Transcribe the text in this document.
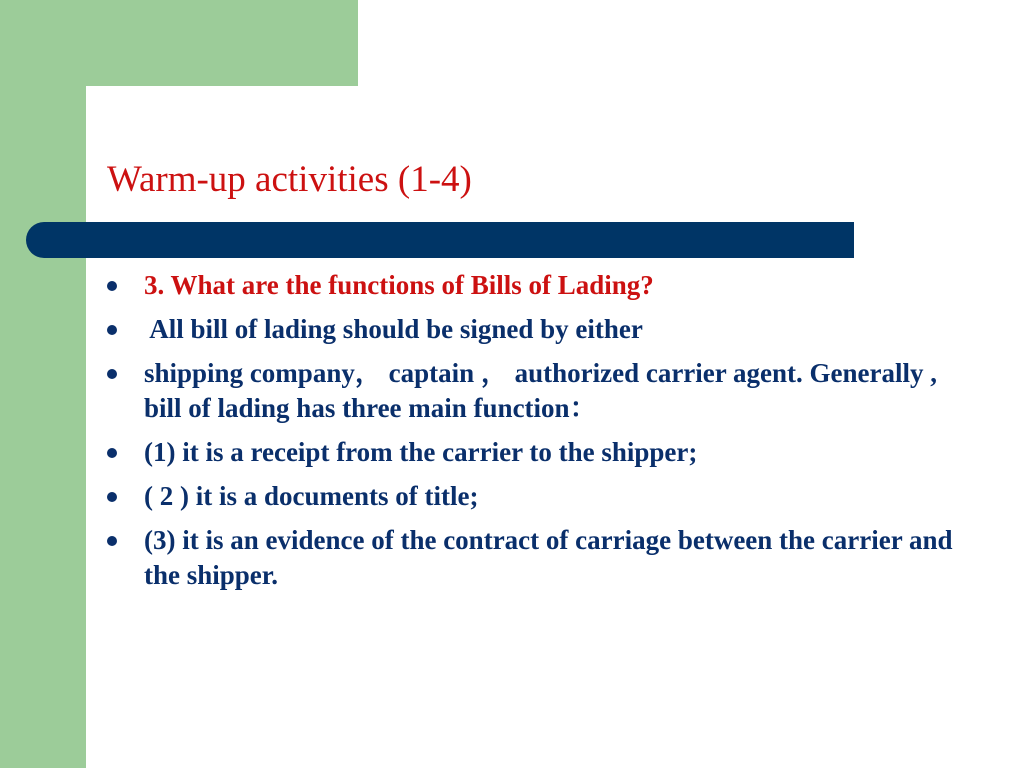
Warm-up activities (1-4)
3. What are the functions of Bills of Lading?
All bill of lading should be signed by either
shipping company， captain ， authorized carrier agent. Generally , bill of lading has three main function：
(1) it is a receipt from the carrier to the shipper;
( 2 ) it is a documents of title;
(3) it is an evidence of the contract of carriage between the carrier and the shipper.
